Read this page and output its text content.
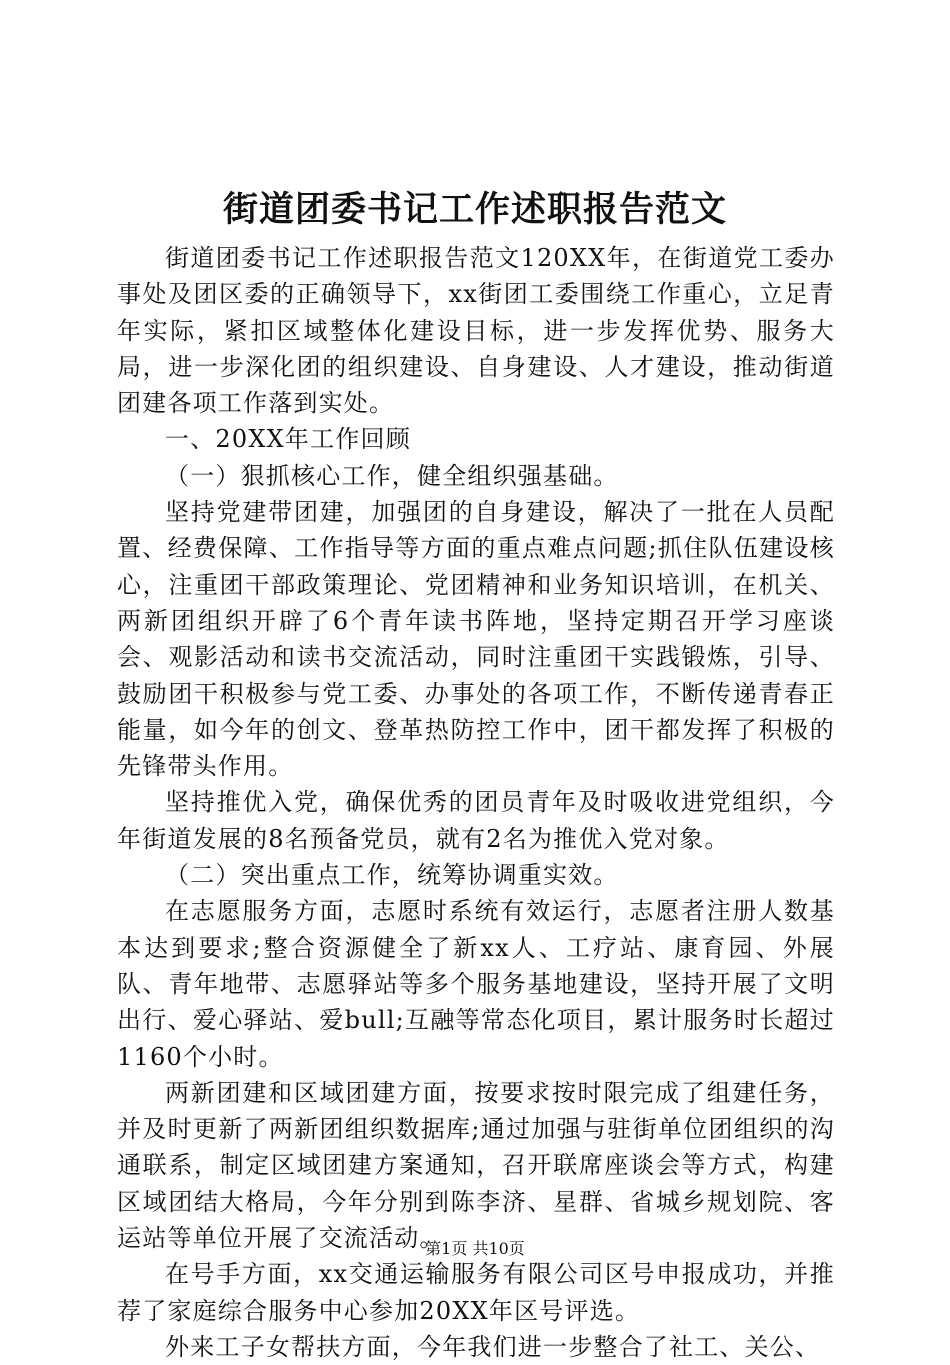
街道团委书记工作述职报告范文

街道团委书记工作述职报告范文120XX年，在街道党工委办事处及团区委的正确领导下，xx街团工委围绕工作重心，立足青年实际，紧扣区域整体化建设目标，进一步发挥优势、服务大局，进一步深化团的组织建设、自身建设、人才建设，推动街道团建各项工作落到实处。

一、20XX年工作回顾

（一）狠抓核心工作，健全组织强基础。

坚持党建带团建，加强团的自身建设，解决了一批在人员配置、经费保障、工作指导等方面的重点难点问题;抓住队伍建设核心，注重团干部政策理论、党团精神和业务知识培训，在机关、两新团组织开辟了6个青年读书阵地，坚持定期召开学习座谈会、观影活动和读书交流活动，同时注重团干实践锻炼，引导、鼓励团干积极参与党工委、办事处的各项工作，不断传递青春正能量，如今年的创文、登革热防控工作中，团干都发挥了积极的先锋带头作用。

坚持推优入党，确保优秀的团员青年及时吸收进党组织，今年街道发展的8名预备党员，就有2名为推优入党对象。

（二）突出重点工作，统筹协调重实效。

在志愿服务方面，志愿时系统有效运行，志愿者注册人数基本达到要求;整合资源健全了新xx人、工疗站、康育园、外展队、青年地带、志愿驿站等多个服务基地建设，坚持开展了文明出行、爱心驿站、爱bull;互融等常态化项目，累计服务时长超过1160个小时。

两新团建和区域团建方面，按要求按时限完成了组建任务，并及时更新了两新团组织数据库;通过加强与驻街单位团组织的沟通联系，制定区域团建方案通知，召开联席座谈会等方式，构建区域团结大格局，今年分别到陈李济、星群、省城乡规划院、客运站等单位开展了交流活动。

在号手方面，xx交通运输服务有限公司区号申报成功，并推荐了家庭综合服务中心参加20XX年区号评选。

外来工子女帮扶方面，今年我们进一步整合了社工、关公、

第1页 共10页
